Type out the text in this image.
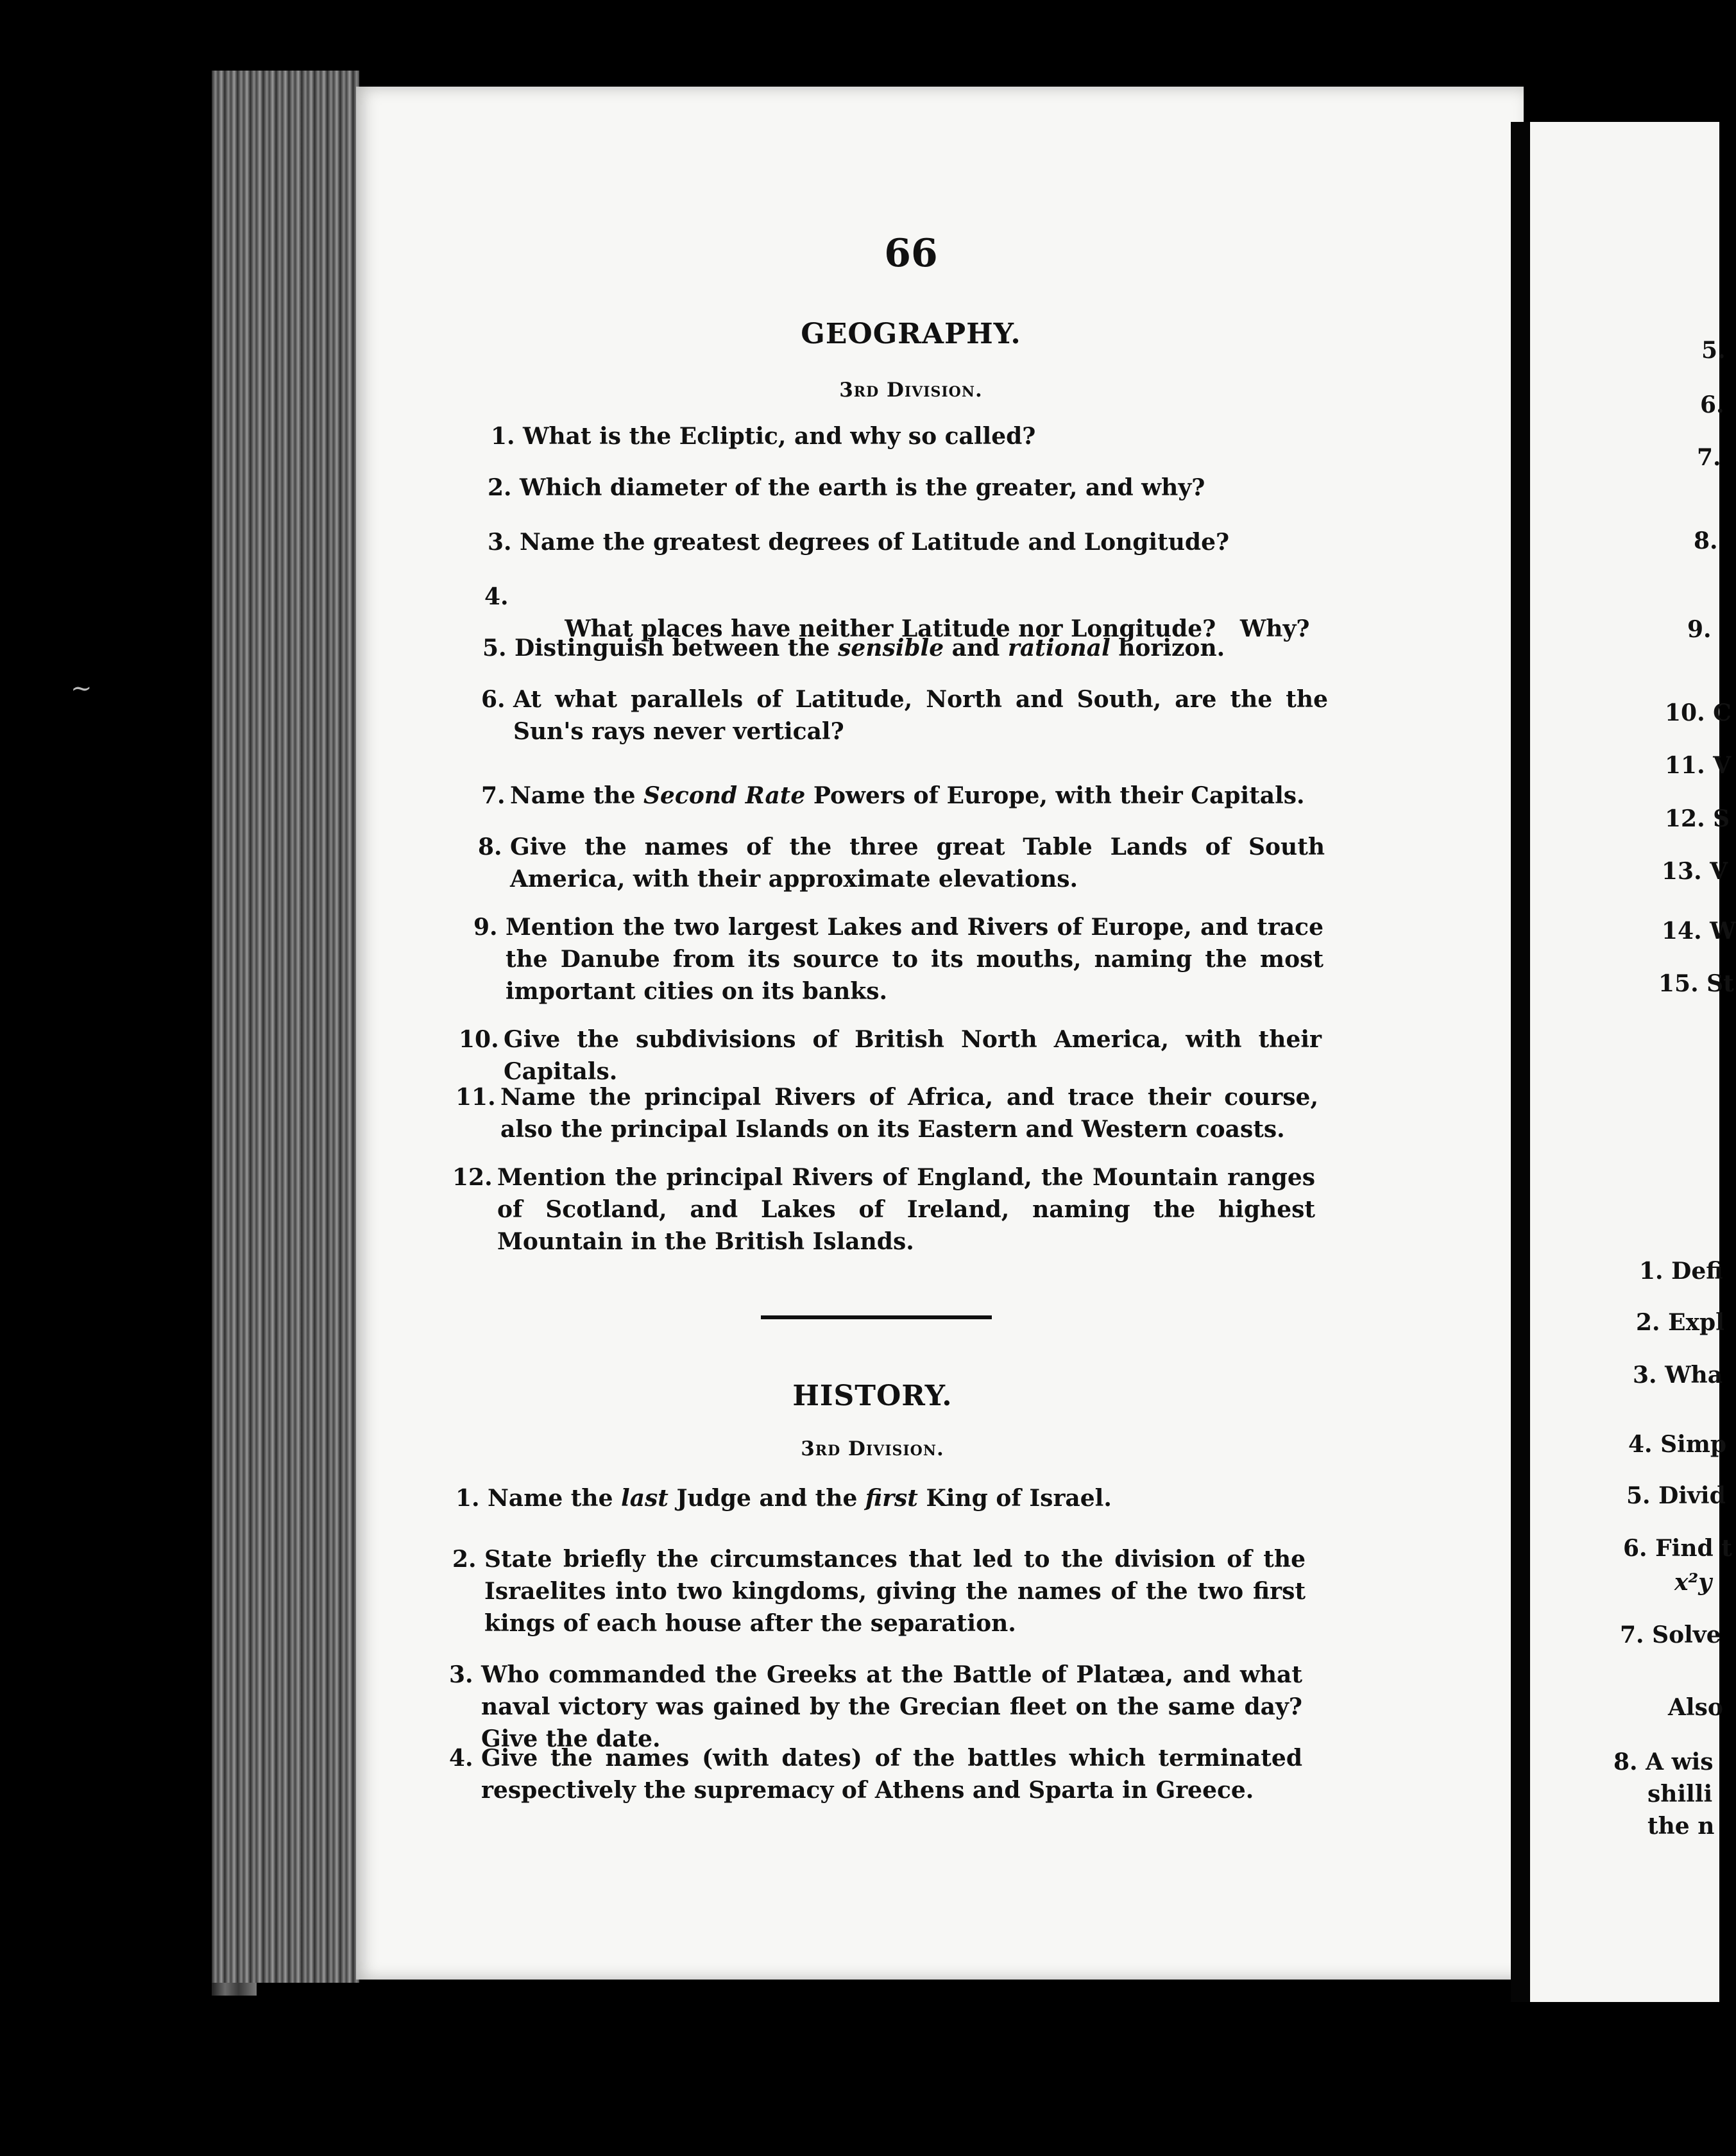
~
66
GEOGRAPHY.
3rd Division.
1. What is the Ecliptic, and why so called?
2. Which diameter of the earth is the greater, and why?
3. Name the greatest degrees of Latitude and Longitude?
4.

What places have neither Latitude nor Longitude?   Why?

5. Distinguish between the sensible and rational horizon.
6. At what parallels of Latitude, North and South, are the the Sun's rays never vertical?
7. Name the Second Rate Powers of Europe, with their Capitals.
8. Give the names of the three great Table Lands of South America, with their approximate elevations.
9. Mention the two largest Lakes and Rivers of Europe, and trace the Danube from its source to its mouths, naming the most important cities on its banks.
10. Give the subdivisions of British North America, with their Capitals.
11. Name the principal Rivers of Africa, and trace their course, also the principal Islands on its Eastern and Western coasts.
12. Mention the principal Rivers of England, the Mountain ranges of Scotland, and Lakes of Ireland, naming the highest Mountain in the British Islands.
HISTORY.
3rd Division.
1. Name the last Judge and the first King of Israel.
2. State briefly the circumstances that led to the division of the Israelites into two kingdoms, giving the names of the two first kings of each house after the separation.
3. Who commanded the Greeks at the Battle of Platæa, and what naval victory was gained by the Grecian fleet on the same day? Give the date.
4. Give the names (with dates) of the battles which terminated respectively the supremacy of Athens and Sparta in Greece.
5.
6.
7.
8.
9.
10. C
11. V
12. S
13. V
14. W
15. St
1. Defi
2. Expl
3. Wha
4. Simp
5. Divid
6. Find t
x²y
7. Solve
Also
8. A wis
shilli
the n
